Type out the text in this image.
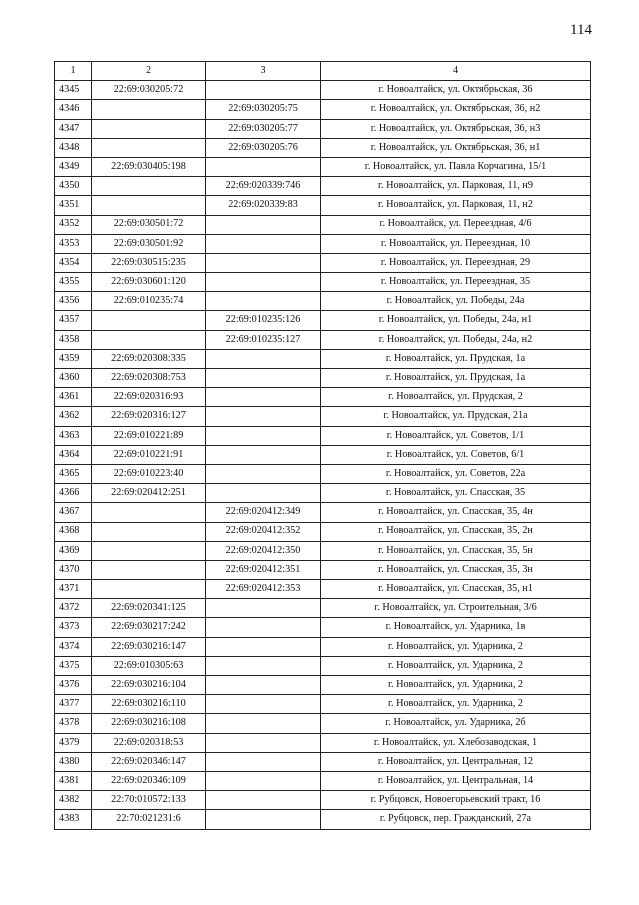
114
1	2	3	4
4345	22:69:030205:72		г. Новоалтайск, ул. Октябрьская, 36
4346		22:69:030205:75	г. Новоалтайск, ул. Октябрьская, 36, н2
4347		22:69:030205:77	г. Новоалтайск, ул. Октябрьская, 36, н3
4348		22:69:030205:76	г. Новоалтайск, ул. Октябрьская, 36, н1
4349	22:69:030405:198		г. Новоалтайск, ул. Павла Корчагина, 15/1
4350		22:69:020339:746	г. Новоалтайск, ул. Парковая, 11, н9
4351		22:69:020339:83	г. Новоалтайск, ул. Парковая, 11, н2
4352	22:69:030501:72		г. Новоалтайск, ул. Переездная, 4/6
4353	22:69:030501:92		г. Новоалтайск, ул. Переездная, 10
4354	22:69:030515:235		г. Новоалтайск, ул. Переездная, 29
4355	22:69:030601:120		г. Новоалтайск, ул. Переездная, 35
4356	22:69:010235:74		г. Новоалтайск, ул. Победы, 24а
4357		22:69:010235:126	г. Новоалтайск, ул. Победы, 24а, н1
4358		22:69:010235:127	г. Новоалтайск, ул. Победы, 24а, н2
4359	22:69:020308:335		г. Новоалтайск, ул. Прудская, 1а
4360	22:69:020308:753		г. Новоалтайск, ул. Прудская, 1а
4361	22:69:020316:93		г. Новоалтайск, ул. Прудская, 2
4362	22:69:020316:127		г. Новоалтайск, ул. Прудская, 21а
4363	22:69:010221:89		г. Новоалтайск, ул. Советов, 1/1
4364	22:69:010221:91		г. Новоалтайск, ул. Советов, 6/1
4365	22:69:010223:40		г. Новоалтайск, ул. Советов, 22а
4366	22:69:020412:251		г. Новоалтайск, ул. Спасская, 35
4367		22:69:020412:349	г. Новоалтайск, ул. Спасская, 35, 4н
4368		22:69:020412:352	г. Новоалтайск, ул. Спасская, 35, 2н
4369		22:69:020412:350	г. Новоалтайск, ул. Спасская, 35, 5н
4370		22:69:020412:351	г. Новоалтайск, ул. Спасская, 35, 3н
4371		22:69:020412:353	г. Новоалтайск, ул. Спасская, 35, н1
4372	22:69:020341:125		г. Новоалтайск, ул. Строительная, 3/6
4373	22:69:030217:242		г. Новоалтайск, ул. Ударника, 1в
4374	22:69:030216:147		г. Новоалтайск, ул. Ударника, 2
4375	22:69:010305:63		г. Новоалтайск, ул. Ударника, 2
4376	22:69:030216:104		г. Новоалтайск, ул. Ударника, 2
4377	22:69:030216:110		г. Новоалтайск, ул. Ударника, 2
4378	22:69:030216:108		г. Новоалтайск, ул. Ударника, 2б
4379	22:69:020318:53		г. Новоалтайск, ул. Хлебозаводская, 1
4380	22:69:020346:147		г. Новоалтайск, ул. Центральная, 12
4381	22:69:020346:109		г. Новоалтайск, ул. Центральная, 14
4382	22:70:010572:133		г. Рубцовск, Новоегорьевский тракт, 16
4383	22:70:021231:6		г. Рубцовск, пер. Гражданский, 27а
